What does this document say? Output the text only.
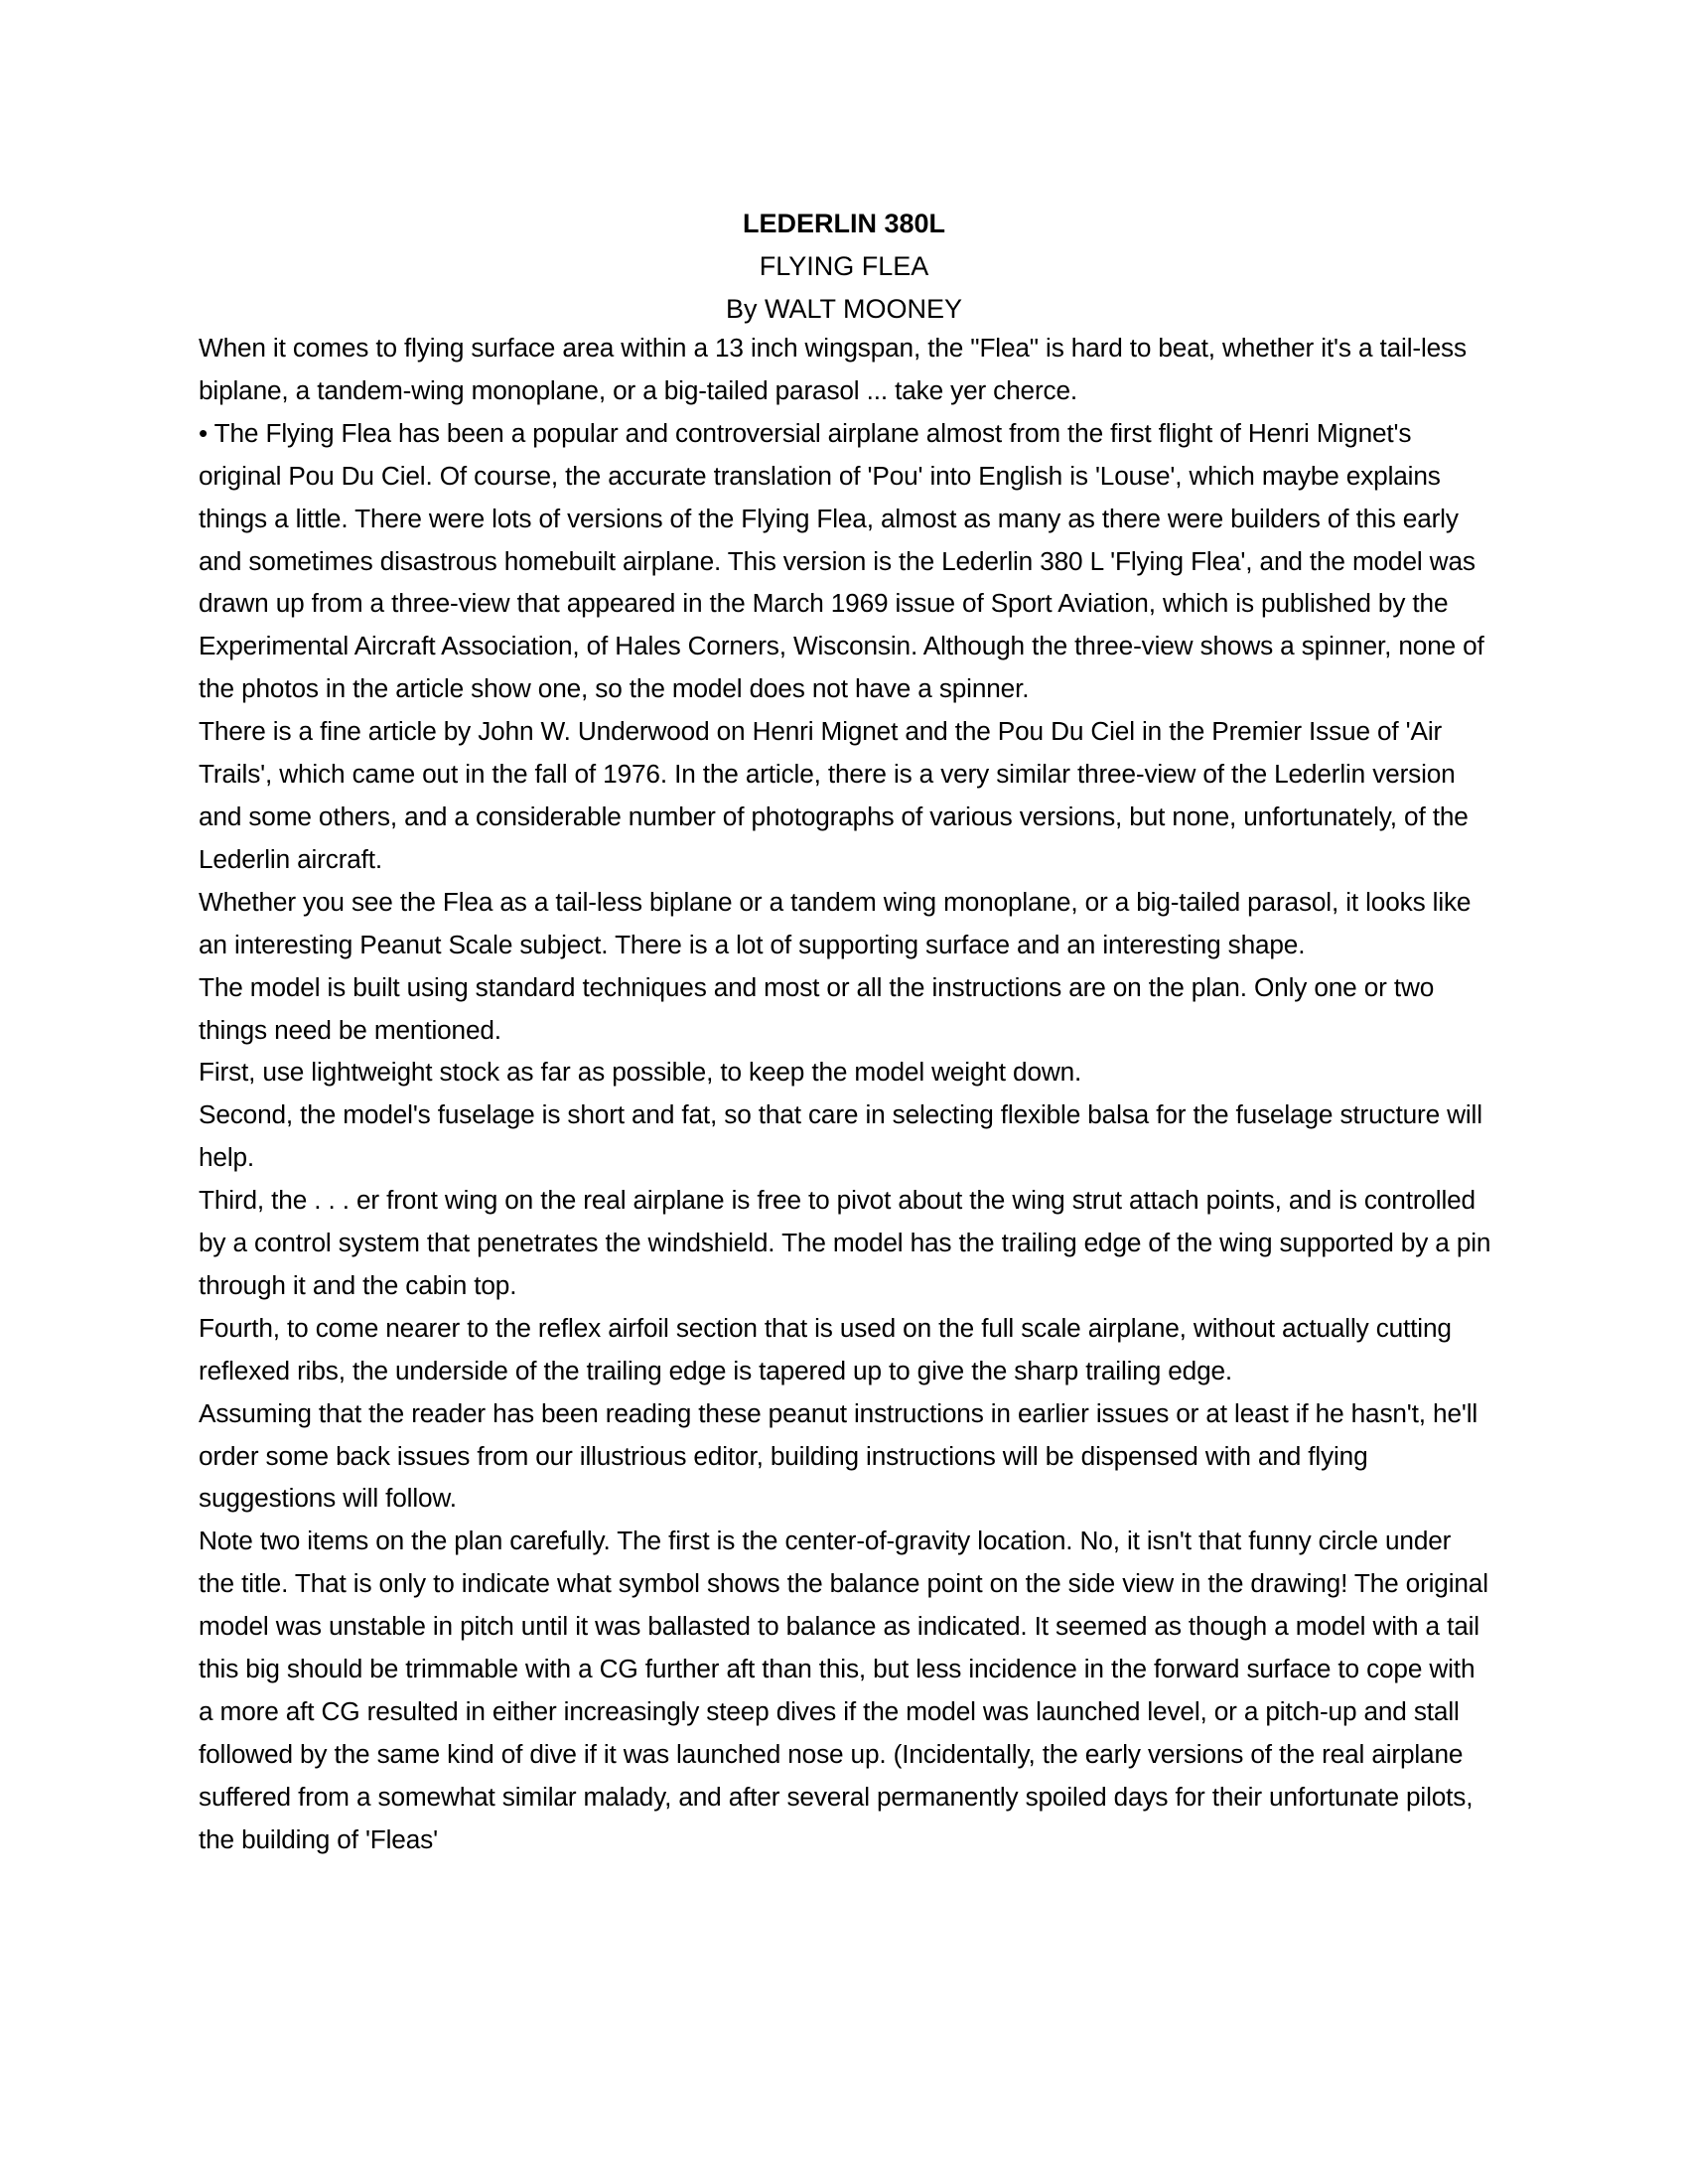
LEDERLIN 380L
FLYING FLEA
By WALT MOONEY

When it comes to flying surface area within a 13 inch wingspan, the "Flea" is hard to beat, whether it's a tail-less biplane, a tandem-wing monoplane, or a big-tailed parasol ... take yer cherce.

• The Flying Flea has been a popular and controversial airplane almost from the first flight of Henri Mignet's original Pou Du Ciel. Of course, the accurate translation of 'Pou' into English is 'Louse', which maybe explains things a little. There were lots of versions of the Flying Flea, almost as many as there were builders of this early and sometimes disastrous homebuilt airplane. This version is the Lederlin 380 L 'Flying Flea', and the model was drawn up from a three-view that appeared in the March 1969 issue of Sport Aviation, which is published by the Experimental Aircraft Association, of Hales Corners, Wisconsin. Although the three-view shows a spinner, none of the photos in the article show one, so the model does not have a spinner.

There is a fine article by John W. Underwood on Henri Mignet and the Pou Du Ciel in the Premier Issue of 'Air Trails', which came out in the fall of 1976. In the article, there is a very similar three-view of the Lederlin version and some others, and a considerable number of photographs of various versions, but none, unfortunately, of the Lederlin aircraft.

Whether you see the Flea as a tail-less biplane or a tandem wing monoplane, or a big-tailed parasol, it looks like an interesting Peanut Scale subject. There is a lot of supporting surface and an interesting shape.

The model is built using standard techniques and most or all the instructions are on the plan. Only one or two things need be mentioned.

First, use lightweight stock as far as possible, to keep the model weight down.

Second, the model's fuselage is short and fat, so that care in selecting flexible balsa for the fuselage structure will help.

Third, the . . . er front wing on the real airplane is free to pivot about the wing strut attach points, and is controlled by a control system that penetrates the windshield. The model has the trailing edge of the wing supported by a pin through it and the cabin top.

Fourth, to come nearer to the reflex airfoil section that is used on the full scale airplane, without actually cutting reflexed ribs, the underside of the trailing edge is tapered up to give the sharp trailing edge.

Assuming that the reader has been reading these peanut instructions in earlier issues or at least if he hasn't, he'll order some back issues from our illustrious editor, building instructions will be dispensed with and flying suggestions will follow.

Note two items on the plan carefully. The first is the center-of-gravity location. No, it isn't that funny circle under the title. That is only to indicate what symbol shows the balance point on the side view in the drawing! The original model was unstable in pitch until it was ballasted to balance as indicated. It seemed as though a model with a tail this big should be trimmable with a CG further aft than this, but less incidence in the forward surface to cope with a more aft CG resulted in either increasingly steep dives if the model was launched level, or a pitch-up and stall followed by the same kind of dive if it was launched nose up. (Incidentally, the early versions of the real airplane suffered from a somewhat similar malady, and after several permanently spoiled days for their unfortunate pilots, the building of 'Fleas'
